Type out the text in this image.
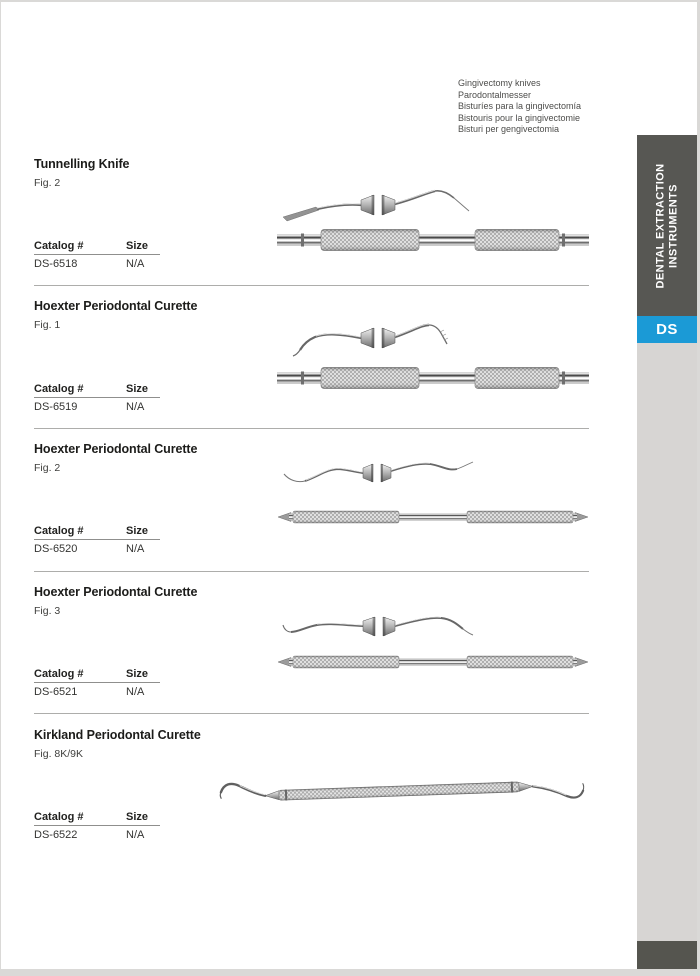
Gingivectomy knives
Parodontalmesser
Bisturíes para la gingivectomía
Bistouris pour la gingivectomie
Bisturi per gengivectomia
DENTAL EXTRACTION INSTRUMENTS
DS
Tunnelling Knife
Fig. 2
Catalog #	Size
DS-6518	N/A
Hoexter Periodontal Curette
Fig. 1
Catalog #	Size
DS-6519	N/A
Hoexter Periodontal Curette
Fig. 2
Catalog #	Size
DS-6520	N/A
Hoexter Periodontal Curette
Fig. 3
Catalog #	Size
DS-6521	N/A
Kirkland Periodontal Curette
Fig. 8K/9K
Catalog #	Size
DS-6522	N/A
